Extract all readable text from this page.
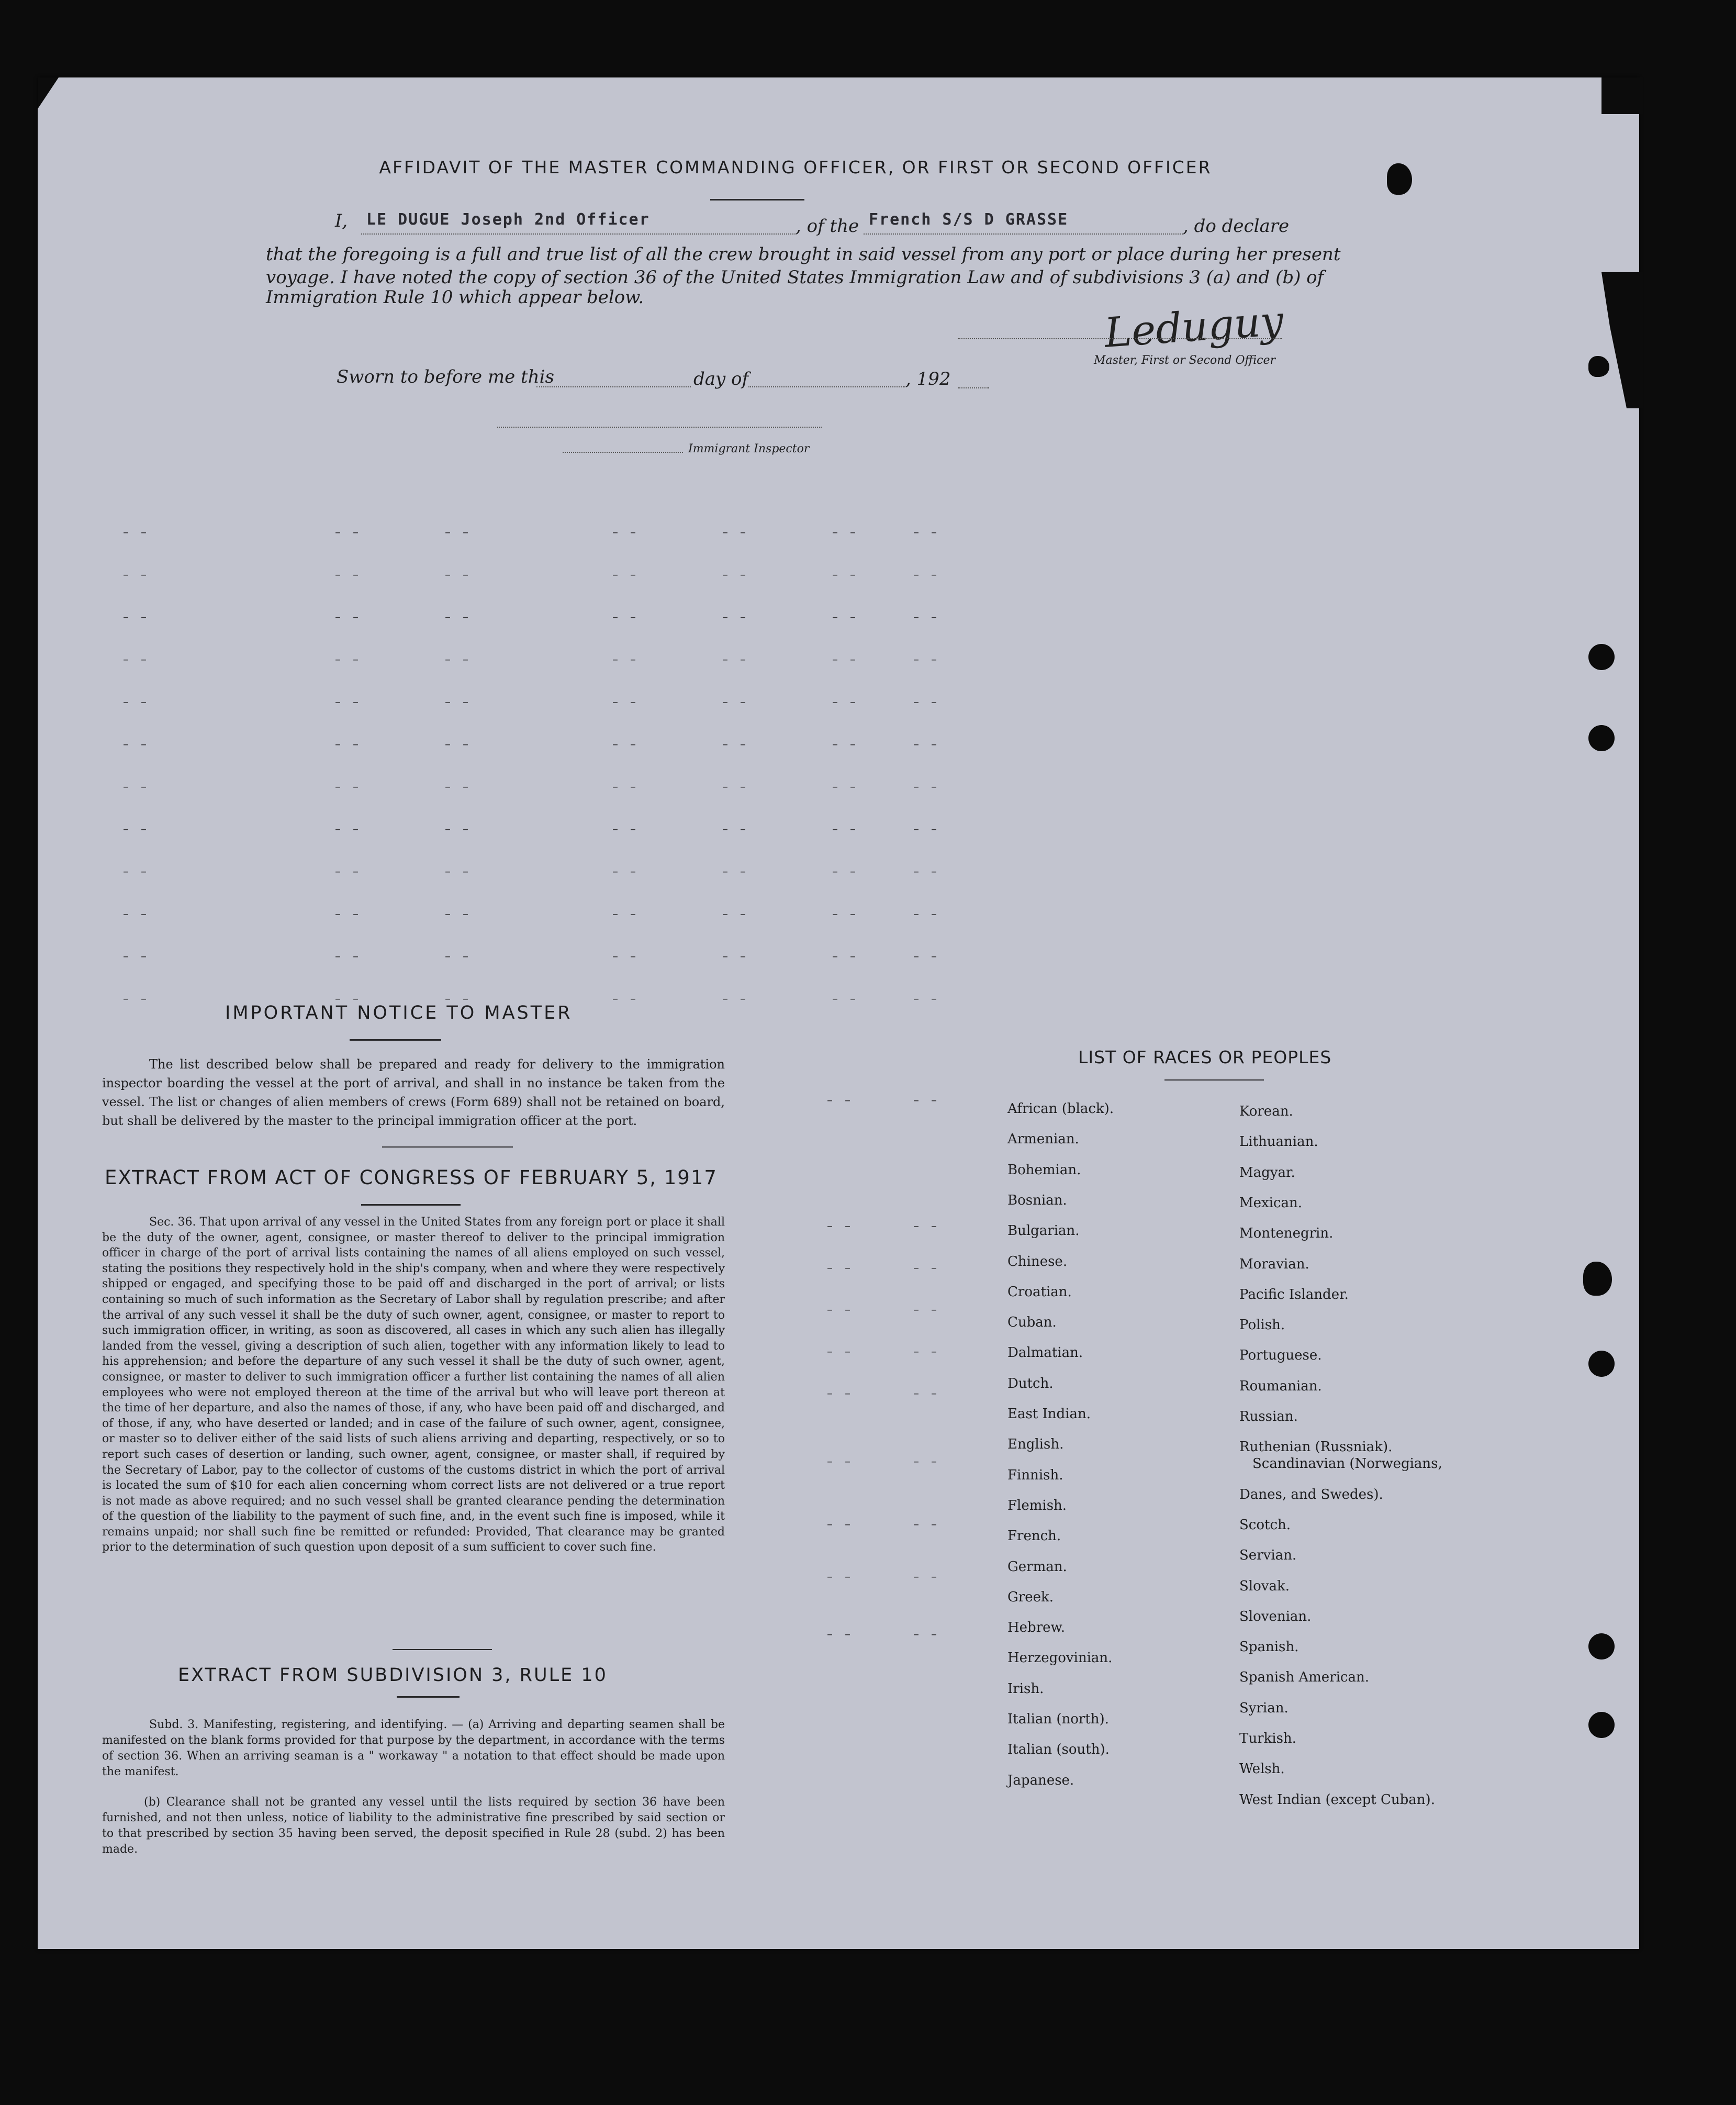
AFFIDAVIT OF THE MASTER COMMANDING OFFICER, OR FIRST OR SECOND OFFICER
I, LE DUGUE Joseph 2nd Officer	, of the French S/S D GRASSE	, do declare
that the foregoing is a full and true list of all the crew brought in said vessel from any port or place during her present
voyage. I have noted the copy of section 36 of the United States Immigration Law and of subdivisions 3 (a) and (b) of
Immigration Rule 10 which appear below.
Leduguy
Master, First or Second Officer
Sworn to before me this	day of	, 192
Immigrant Inspector
– –	– –	– –	– –	– –	– –	– –
– –	– –	– –	– –	– –	– –	– –
– –	– –	– –	– –	– –	– –	– –
– –	– –	– –	– –	– –	– –	– –
– –	– –	– –	– –	– –	– –	– –
– –	– –	– –	– –	– –	– –	– –
– –	– –	– –	– –	– –	– –	– –
– –	– –	– –	– –	– –	– –	– –
– –	– –	– –	– –	– –	– –	– –
– –	– –	– –	– –	– –	– –	– –
– –	– –	– –	– –	– –	– –	– –
– –	– –	– –	– –	– –	– –	– –
– –	– –
– –	– –
– –	– –
– –	– –
– –	– –
– –	– –
– –	– –
– –	– –
– –	– –
– –	– –
IMPORTANT NOTICE TO MASTER
The list described below shall be prepared and ready for delivery to the immigration inspector boarding the vessel at the port of arrival, and shall in no instance be taken from the vessel. The list or changes of alien members of crews (Form 689) shall not be retained on board, but shall be delivered by the master to the principal immigration officer at the port.
EXTRACT FROM ACT OF CONGRESS OF FEBRUARY 5, 1917
Sec. 36. That upon arrival of any vessel in the United States from any foreign port or place it shall be the duty of the owner, agent, consignee, or master thereof to deliver to the principal immigration officer in charge of the port of arrival lists containing the names of all aliens employed on such vessel, stating the positions they respectively hold in the ship's company, when and where they were respectively shipped or engaged, and specifying those to be paid off and discharged in the port of arrival; or lists containing so much of such information as the Secretary of Labor shall by regulation prescribe; and after the arrival of any such vessel it shall be the duty of such owner, agent, consignee, or master to report to such immigration officer, in writing, as soon as discovered, all cases in which any such alien has illegally landed from the vessel, giving a description of such alien, together with any information likely to lead to his apprehension; and before the departure of any such vessel it shall be the duty of such owner, agent, consignee, or master to deliver to such immigration officer a further list containing the names of all alien employees who were not employed thereon at the time of the arrival but who will leave port thereon at the time of her departure, and also the names of those, if any, who have been paid off and discharged, and of those, if any, who have deserted or landed; and in case of the failure of such owner, agent, consignee, or master so to deliver either of the said lists of such aliens arriving and departing, respectively, or so to report such cases of desertion or landing, such owner, agent, consignee, or master shall, if required by the Secretary of Labor, pay to the collector of customs of the customs district in which the port of arrival is located the sum of $10 for each alien concerning whom correct lists are not delivered or a true report is not made as above required; and no such vessel shall be granted clearance pending the determination of the question of the liability to the payment of such fine, and, in the event such fine is imposed, while it remains unpaid; nor shall such fine be remitted or refunded: Provided, That clearance may be granted prior to the determination of such question upon deposit of a sum sufficient to cover such fine.
EXTRACT FROM SUBDIVISION 3, RULE 10
Subd. 3. Manifesting, registering, and identifying. — (a) Arriving and departing seamen shall be manifested on the blank forms provided for that purpose by the department, in accordance with the terms of section 36. When an arriving seaman is a " workaway " a notation to that effect should be made upon the manifest.
(b) Clearance shall not be granted any vessel until the lists required by section 36 have been furnished, and not then unless, notice of liability to the administrative fine prescribed by said section or to that prescribed by section 35 having been served, the deposit specified in Rule 28 (subd. 2) has been made.
LIST OF RACES OR PEOPLES
African (black).
Armenian.
Bohemian.
Bosnian.
Bulgarian.
Chinese.
Croatian.
Cuban.
Dalmatian.
Dutch.
East Indian.
English.
Finnish.
Flemish.
French.
German.
Greek.
Hebrew.
Herzegovinian.
Irish.
Italian (north).
Italian (south).
Japanese.
Korean.
Lithuanian.
Magyar.
Mexican.
Montenegrin.
Moravian.
Pacific Islander.
Polish.
Portuguese.
Roumanian.
Russian.
Ruthenian (Russniak).
Scandinavian (Norwegians,
Danes, and Swedes).
Scotch.
Servian.
Slovak.
Slovenian.
Spanish.
Spanish American.
Syrian.
Turkish.
Welsh.
West Indian (except Cuban).
